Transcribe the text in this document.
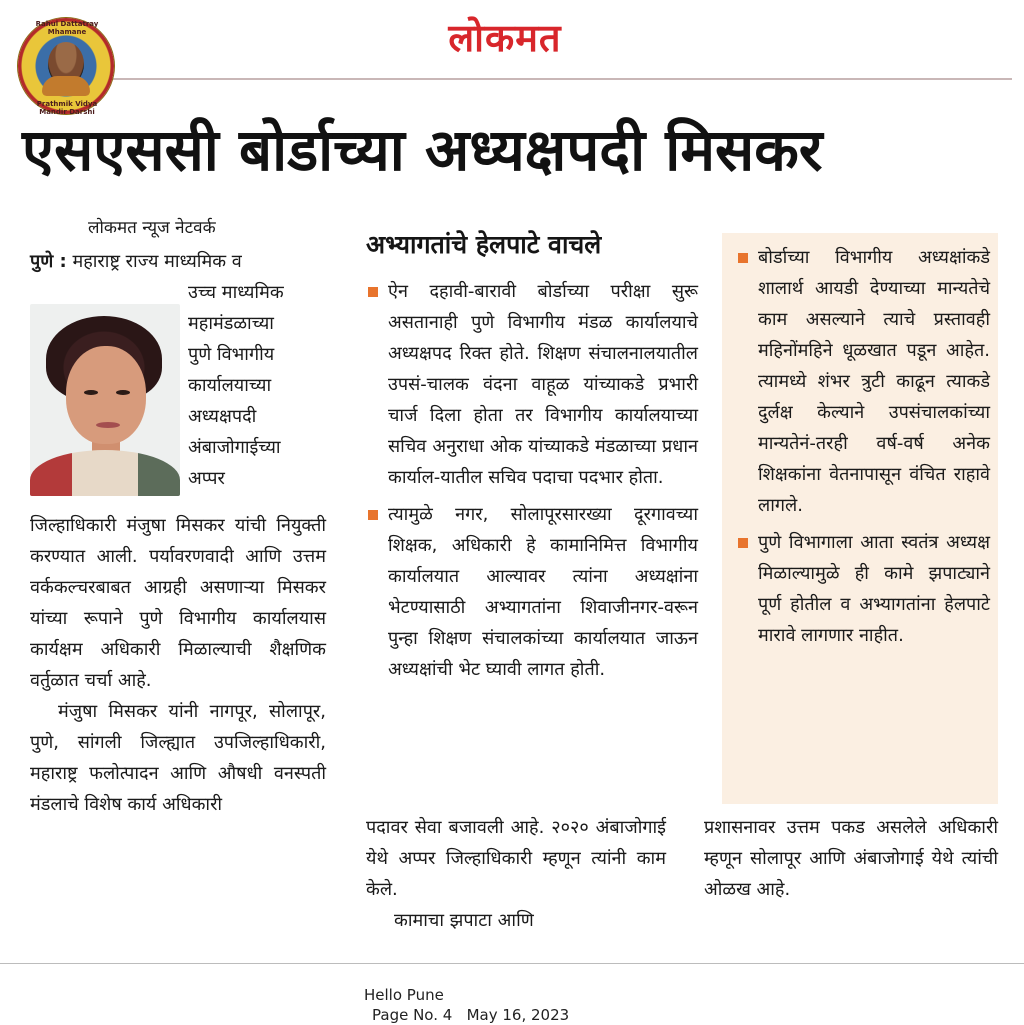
लोकमत
Rahul Dattatray Mhamane
Prathmik Vidya Mandir Darshi
एसएससी बोर्डाच्या अध्यक्षपदी मिसकर
लोकमत न्यूज नेटवर्क

पुणे : महाराष्ट्र राज्य माध्यमिक व

उच्च माध्यमिक
महामंडळाच्या
पुणे विभागीय
कार्यालयाच्या
अध्यक्षपदी
अंबाजोगाईच्या
अप्पर

जिल्हाधिकारी मंजुषा मिसकर यांची नियुक्ती करण्यात आली. पर्यावरणवादी आणि उत्तम वर्ककल्चरबाबत आग्रही असणाऱ्या मिसकर यांच्या रूपाने पुणे विभागीय कार्यालयास कार्यक्षम अधिकारी मिळाल्याची शैक्षणिक वर्तुळात चर्चा आहे.

मंजुषा मिसकर यांनी नागपूर, सोलापूर, पुणे, सांगली जिल्ह्यात उपजिल्हाधिकारी, महाराष्ट्र फलोत्पादन आणि औषधी वनस्पती मंडलाचे विशेष कार्य अधिकारी

अभ्यागतांचे हेलपाटे वाचले

ऐन दहावी-बारावी बोर्डाच्या परीक्षा सुरू असतानाही पुणे विभागीय मंडळ कार्यालयाचे अध्यक्षपद रिक्त होते. शिक्षण संचालनालयातील उपसं-चालक वंदना वाहूळ यांच्याकडे प्रभारी चार्ज दिला होता तर विभागीय कार्यालयाच्या सचिव अनुराधा ओक यांच्याकडे मंडळाच्या प्रधान कार्याल-यातील सचिव पदाचा पदभार होता.

त्यामुळे नगर, सोलापूरसारख्या दूरगावच्या शिक्षक, अधिकारी हे कामानिमित्त विभागीय कार्यालयात आल्यावर त्यांना अध्यक्षांना भेटण्यासाठी अभ्यागतांना शिवाजीनगर-वरून पुन्हा शिक्षण संचालकांच्या कार्यालयात जाऊन अध्यक्षांची भेट घ्यावी लागत होती.

बोर्डाच्या विभागीय अध्यक्षांकडे शालार्थ आयडी देण्याच्या मान्यतेचे काम असल्याने त्याचे प्रस्तावही महिनोंमहिने धूळखात पडून आहेत. त्यामध्ये शंभर त्रुटी काढून त्याकडे दुर्लक्ष केल्याने उपसंचालकांच्या मान्यतेनं-तरही वर्ष-वर्ष अनेक शिक्षकांना वेतनापासून वंचित राहावे लागले.

पुणे विभागाला आता स्वतंत्र अध्यक्ष मिळाल्यामुळे ही कामे झपाट्याने पूर्ण होतील व अभ्यागतांना हेलपाटे मारावे लागणार नाहीत.

पदावर सेवा बजावली आहे. २०२० अंबाजोगाई येथे अप्पर जिल्हाधिकारी म्हणून त्यांनी काम केले.

कामाचा झपाटा आणि

प्रशासनावर उत्तम पकड असलेले अधिकारी म्हणून सोलापूर आणि अंबाजोगाई येथे त्यांची ओळख आहे.

Hello Pune
Page No. 4   May 16, 2023
